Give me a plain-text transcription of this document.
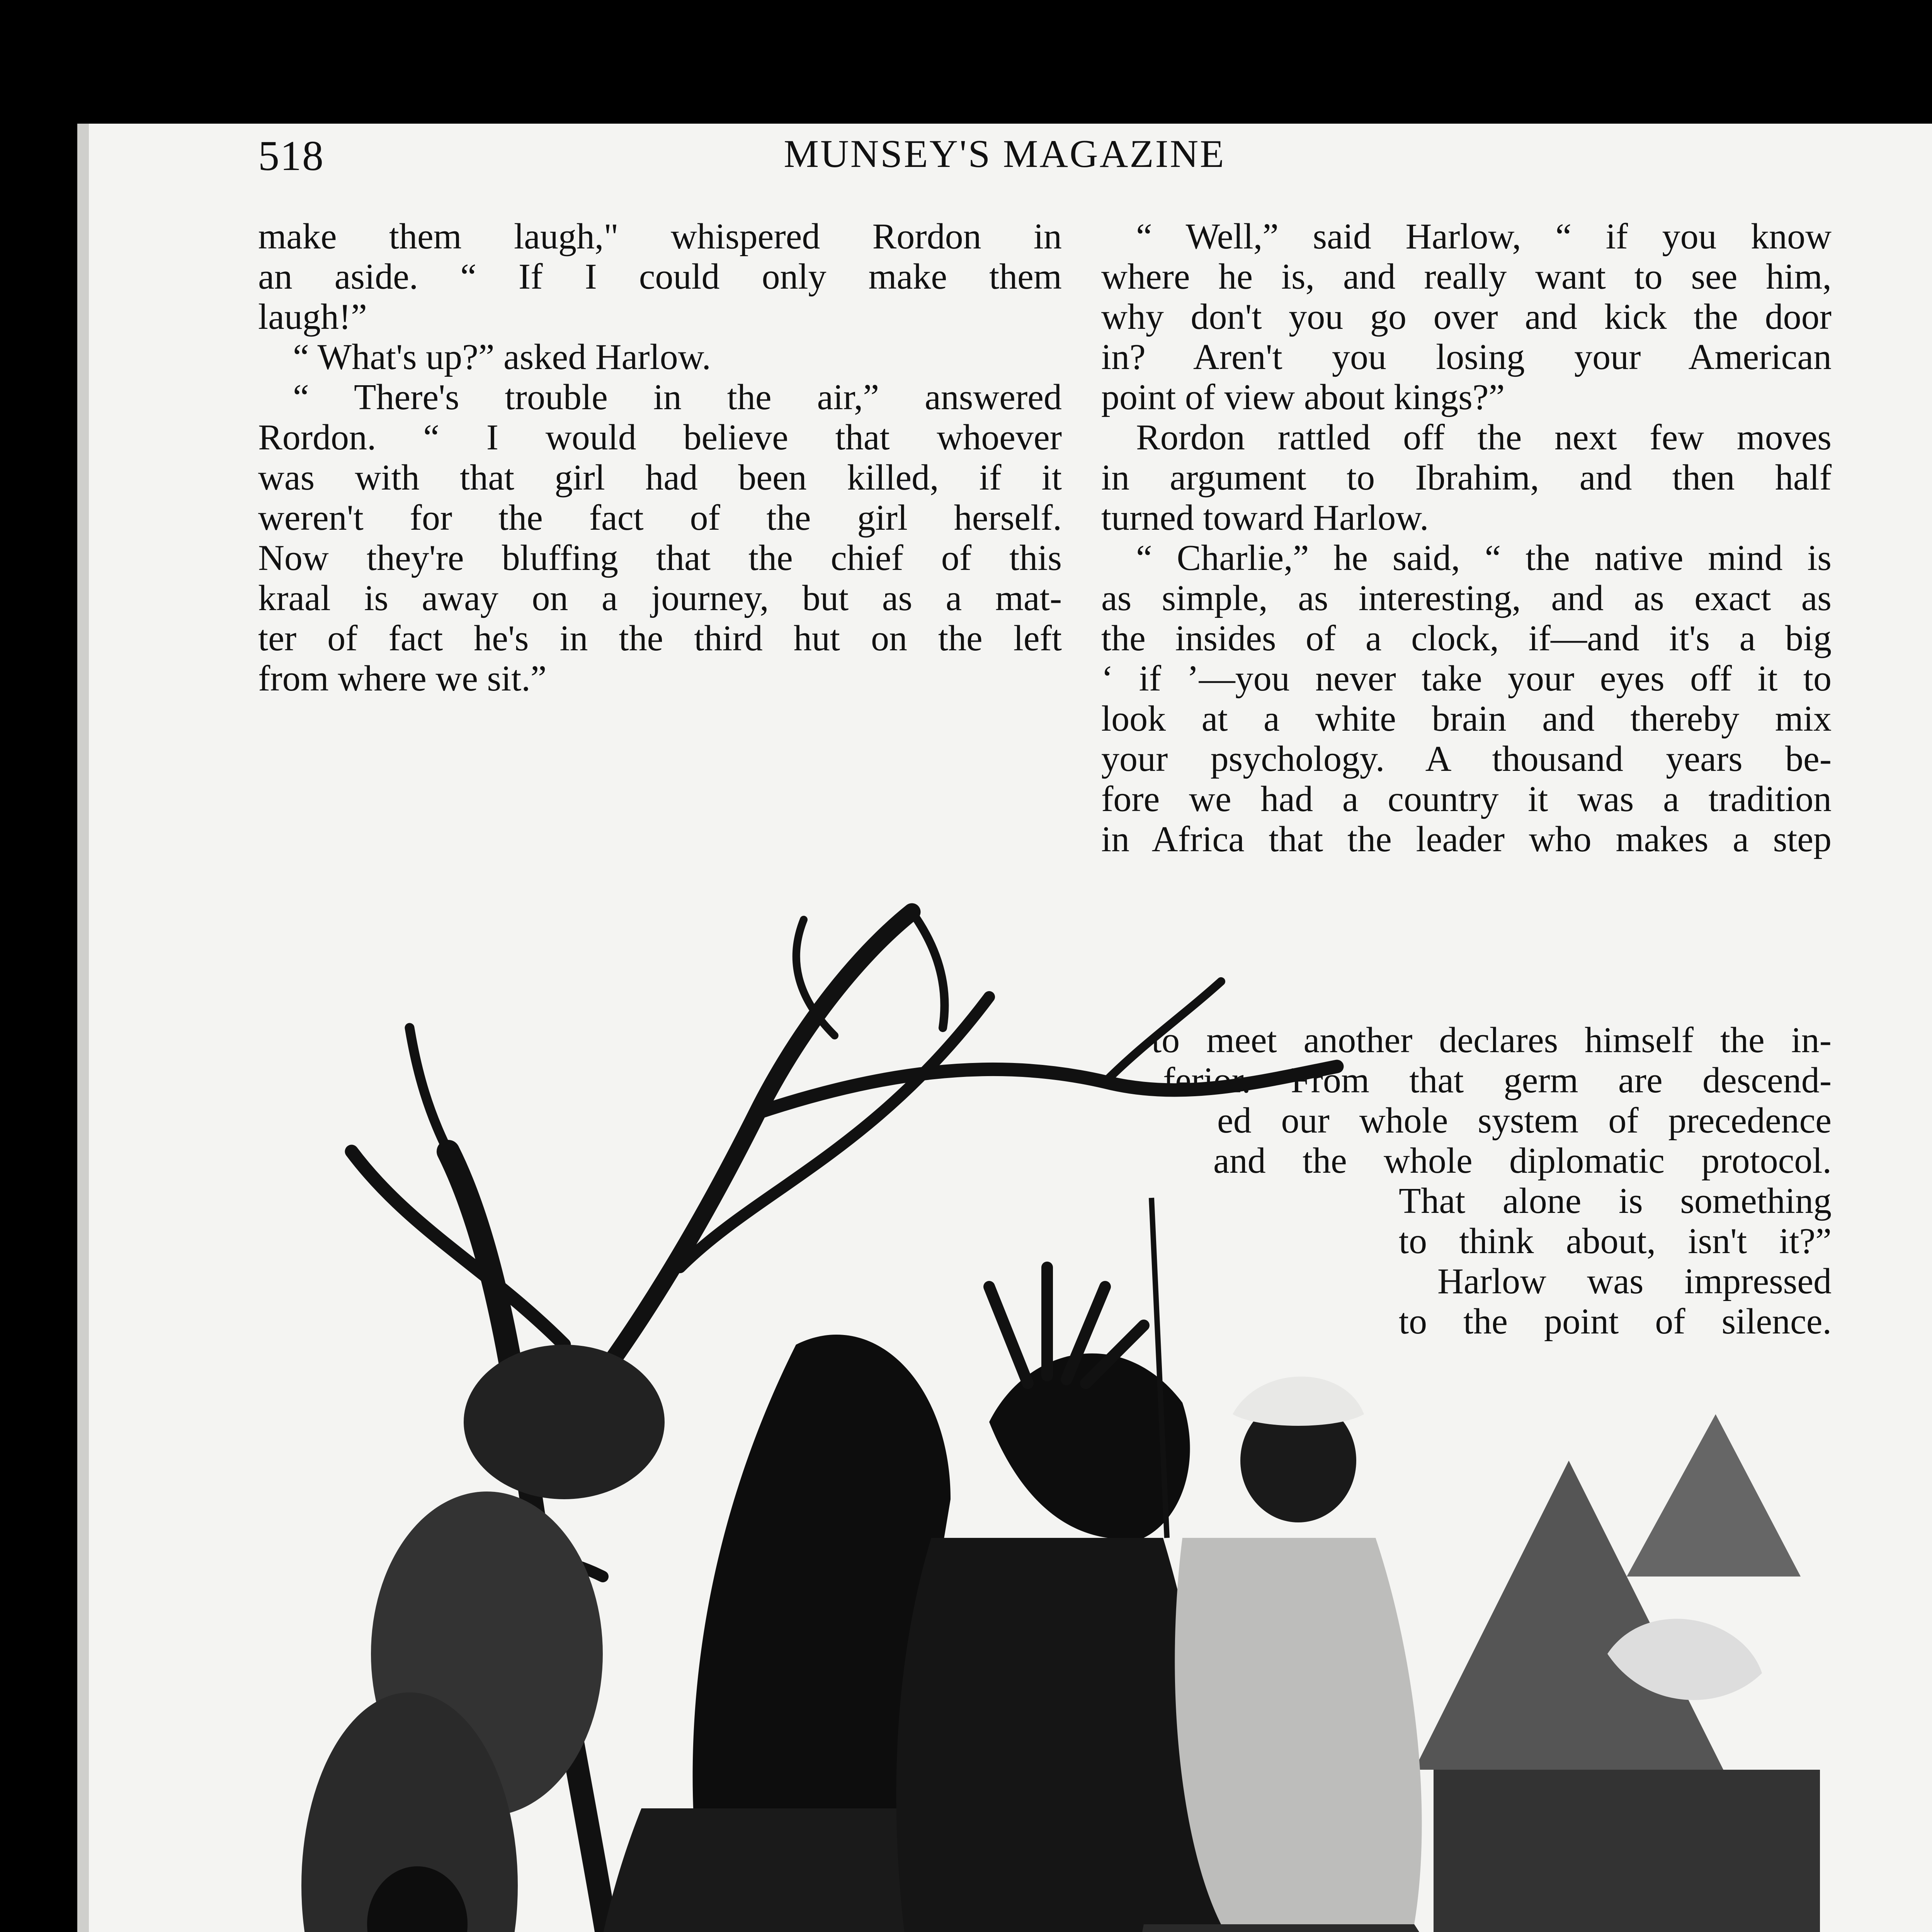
518	MUNSEY'S MAGAZINE

make them laugh," whispered Rordon in
an aside. “ If I could only make them
laugh!”

“ What's up?” asked Harlow.

“ There's trouble in the air,” answered
Rordon. “ I would believe that whoever
was with that girl had been killed, if it
weren't for the fact of the girl herself.
Now they're bluffing that the chief of this
kraal is away on a journey, but as a mat-
ter of fact he's in the third hut on the left
from where we sit.”

“ Well,” said Harlow, “ if you know
where he is, and really want to see him,
why don't you go over and kick the door
in? Aren't you losing your American
point of view about kings?”

Rordon rattled off the next few moves
in argument to Ibrahim, and then half
turned toward Harlow.

“ Charlie,” he said, “ the native mind is
as simple, as interesting, and as exact as
the insides of a clock, if—and it's a big
‘ if ’—you never take your eyes off it to
look at a white brain and thereby mix
your psychology. A thousand years be-
fore we had a country it was a tradition
in Africa that the leader who makes a step

to meet another declares himself the in-
ferior. From that germ are descend-
ed our whole system of precedence
and the whole diplomatic protocol.
That alone is something
to think about, isn't it?”
Harlow was impressed
to the point of silence.
